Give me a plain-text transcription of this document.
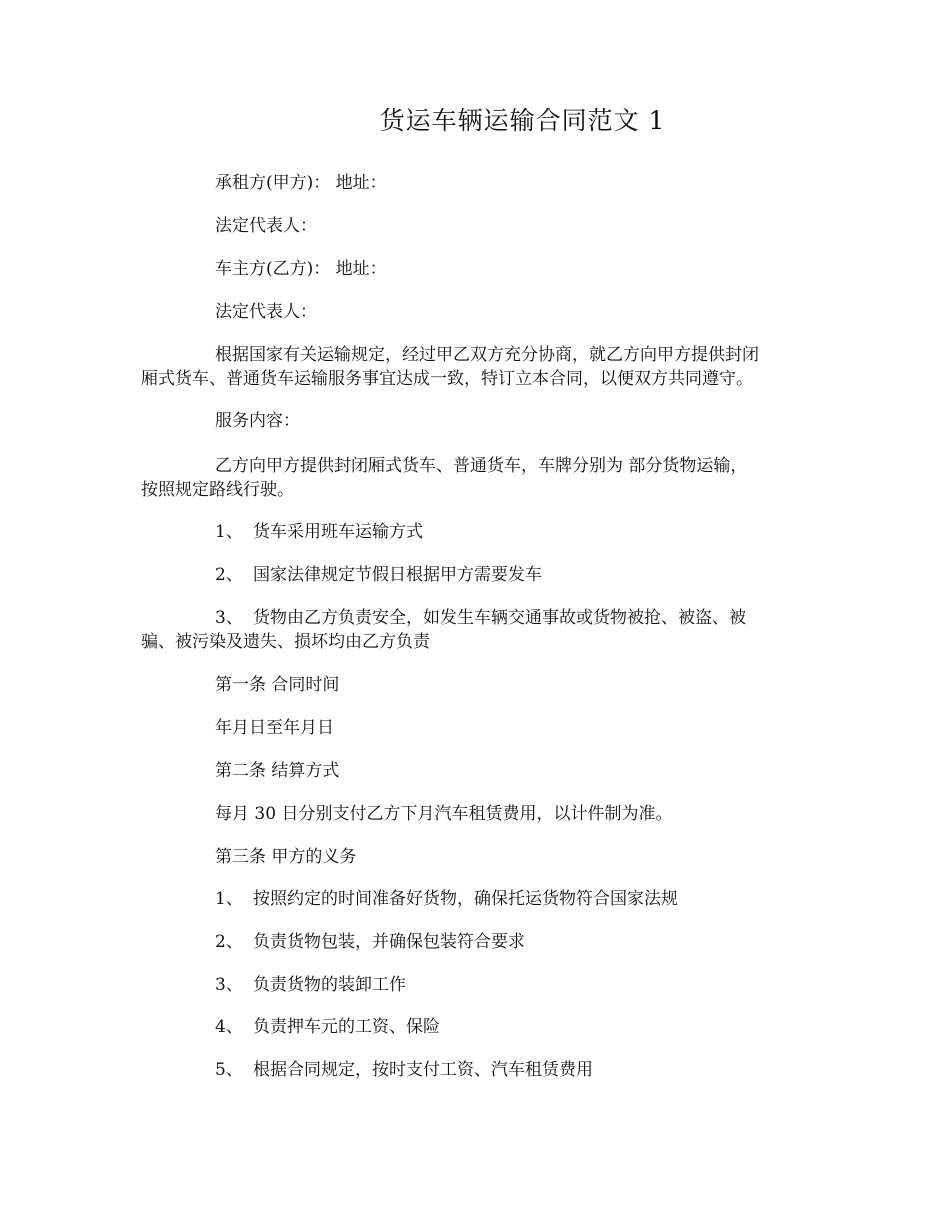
货运车辆运输合同范文 1
承租方(甲方)： 地址：
法定代表人：
车主方(乙方)： 地址：
法定代表人：
根据国家有关运输规定，经过甲乙双方充分协商，就乙方向甲方提供封闭
厢式货车、普通货车运输服务事宜达成一致，特订立本合同，以便双方共同遵守。
服务内容：
乙方向甲方提供封闭厢式货车、普通货车，车牌分别为 部分货物运输，
按照规定路线行驶。
1、 货车采用班车运输方式
2、 国家法律规定节假日根据甲方需要发车
3、 货物由乙方负责安全，如发生车辆交通事故或货物被抢、被盗、被
骗、被污染及遗失、损坏均由乙方负责
第一条 合同时间
年月日至年月日
第二条 结算方式
每月 30 日分别支付乙方下月汽车租赁费用，以计件制为准。
第三条 甲方的义务
1、 按照约定的时间准备好货物，确保托运货物符合国家法规
2、 负责货物包装，并确保包装符合要求
3、 负责货物的装卸工作
4、 负责押车元的工资、保险
5、 根据合同规定，按时支付工资、汽车租赁费用
